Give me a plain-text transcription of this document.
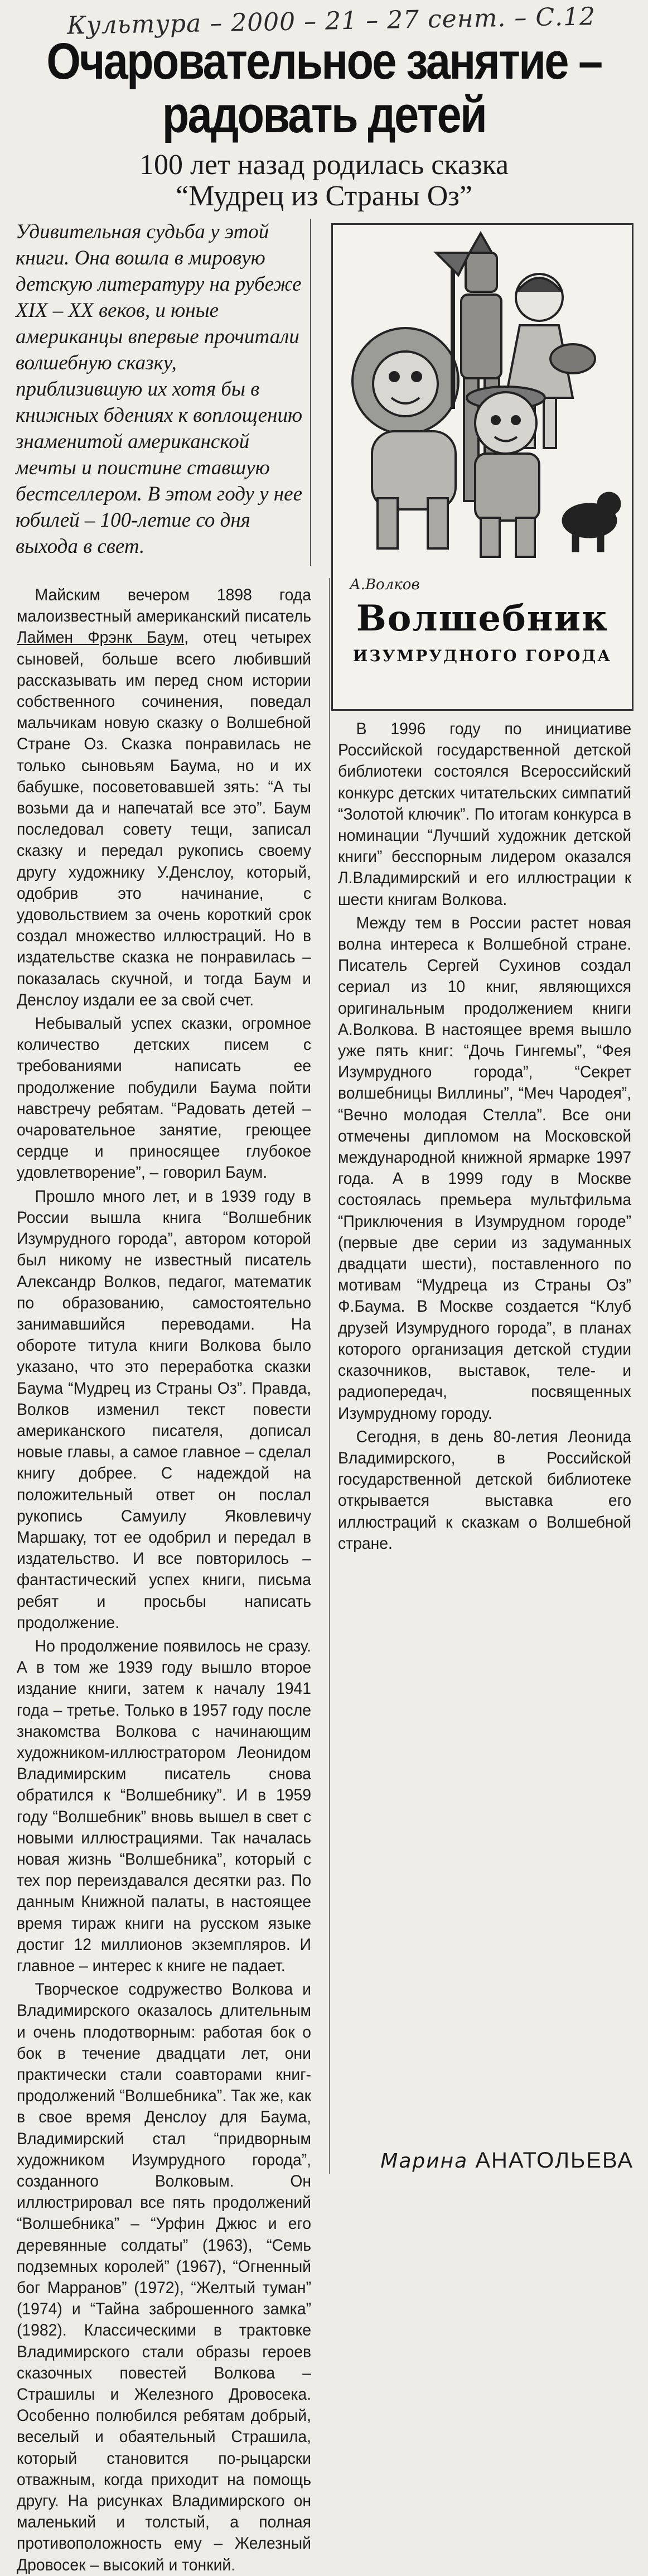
Культура – 2000 – 21 – 27 сент. – С.12
Очаровательное занятие –
радовать детей
100 лет назад родилась сказка
“Мудрец из Страны Оз”
Удивительная судьба у этой книги. Она вошла в мировую детскую литературу на рубеже XIX – XX веков, и юные американцы впервые прочитали волшебную сказку, приблизившую их хотя бы в книжных бдениях к воплощению знаменитой американской мечты и поистине ставшую бестселлером. В этом году у нее юбилей – 100-летие со дня выхода в свет.
А.Волков
Волшебник
ИЗУМРУДНОГО ГОРОДА

Майским вечером 1898 года малоизвестный американский писатель Лаймен Фрэнк Баум, отец четырех сыновей, больше всего любивший рассказывать им перед сном истории собственного сочинения, поведал мальчикам новую сказку о Волшебной Стране Оз. Сказка понравилась не только сыновьям Баума, но и их бабушке, посоветовавшей зять: “А ты возьми да и напечатай все это”. Баум последовал совету тещи, записал сказку и передал рукопись своему другу художнику У.Денслоу, который, одобрив это начинание, с удовольствием за очень короткий срок создал множество иллюстраций. Но в издательстве сказка не понравилась – показалась скучной, и тогда Баум и Денслоу издали ее за свой счет.

Небывалый успех сказки, огромное количество детских писем с требованиями написать ее продолжение побудили Баума пойти навстречу ребятам. “Радовать детей – очаровательное занятие, греющее сердце и приносящее глубокое удовлетворение”, – говорил Баум.

Прошло много лет, и в 1939 году в России вышла книга “Волшебник Изумрудного города”, автором которой был никому не известный писатель Александр Волков, педагог, математик по образованию, самостоятельно занимавшийся переводами. На обороте титула книги Волкова было указано, что это переработка сказки Баума “Мудрец из Страны Оз”. Правда, Волков изменил текст повести американского писателя, дописал новые главы, а самое главное – сделал книгу добрее. С надеждой на положительный ответ он послал рукопись Самуилу Яковлевичу Маршаку, тот ее одобрил и передал в издательство. И все повторилось – фантастический успех книги, письма ребят и просьбы написать продолжение.

Но продолжение появилось не сразу. А в том же 1939 году вышло второе издание книги, затем к началу 1941 года – третье. Только в 1957 году после знакомства Волкова с начинающим художником-иллюстратором Леонидом Владимирским писатель снова обратился к “Волшебнику”. И в 1959 году “Волшебник” вновь вышел в свет с новыми иллюстрациями. Так началась новая жизнь “Волшебника”, который с тех пор переиздавался десятки раз. По данным Книжной палаты, в настоящее время тираж книги на русском языке достиг 12 миллионов экземпляров. И главное – интерес к книге не падает.

Творческое содружество Волкова и Владимирского оказалось длительным и очень плодотворным: работая бок о бок в течение двадцати лет, они практически стали соавторами книг-продолжений “Волшебника”. Так же, как в свое время Денслоу для Баума, Владимирский стал “придворным художником Изумрудного города”, созданного Волковым. Он иллюстрировал все пять продолжений “Волшебника” – “Урфин Джюс и его деревянные солдаты” (1963), “Семь подземных королей” (1967), “Огненный бог Марранов” (1972), “Желтый туман” (1974) и “Тайна заброшенного замка” (1982). Классическими в трактовке Владимирского стали образы героев сказочных повестей Волкова – Страшилы и Железного Дровосека. Особенно полюбился ребятам добрый, веселый и обаятельный Страшила, который становится по-рыцарски отважным, когда приходит на помощь другу. На рисунках Владимирского он маленький и толстый, а полная противоположность ему – Железный Дровосек – высокий и тонкий.

В 1996 году по инициативе Российской государственной детской библиотеки состоялся Всероссийский конкурс детских читательских симпатий “Золотой ключик”. По итогам конкурса в номинации “Лучший художник детской книги” бесспорным лидером оказался Л.Владимирский и его иллюстрации к шести книгам Волкова.

Между тем в России растет новая волна интереса к Волшебной стране. Писатель Сергей Сухинов создал сериал из 10 книг, являющихся оригинальным продолжением книги А.Волкова. В настоящее время вышло уже пять книг: “Дочь Гингемы”, “Фея Изумрудного города”, “Секрет волшебницы Виллины”, “Меч Чародея”, “Вечно молодая Стелла”. Все они отмечены дипломом на Московской международной книжной ярмарке 1997 года. А в 1999 году в Москве состоялась премьера мультфильма “Приключения в Изумрудном городе” (первые две серии из задуманных двадцати шести), поставленного по мотивам “Мудреца из Страны Оз” Ф.Баума. В Москве создается “Клуб друзей Изумрудного города”, в планах которого организация детской студии сказочников, выставок, теле- и радиопередач, посвященных Изумрудному городу.

Сегодня, в день 80-летия Леонида Владимирского, в Российской государственной детской библиотеке открывается выставка его иллюстраций к сказкам о Волшебной стране.

Марина АНАТОЛЬЕВА
